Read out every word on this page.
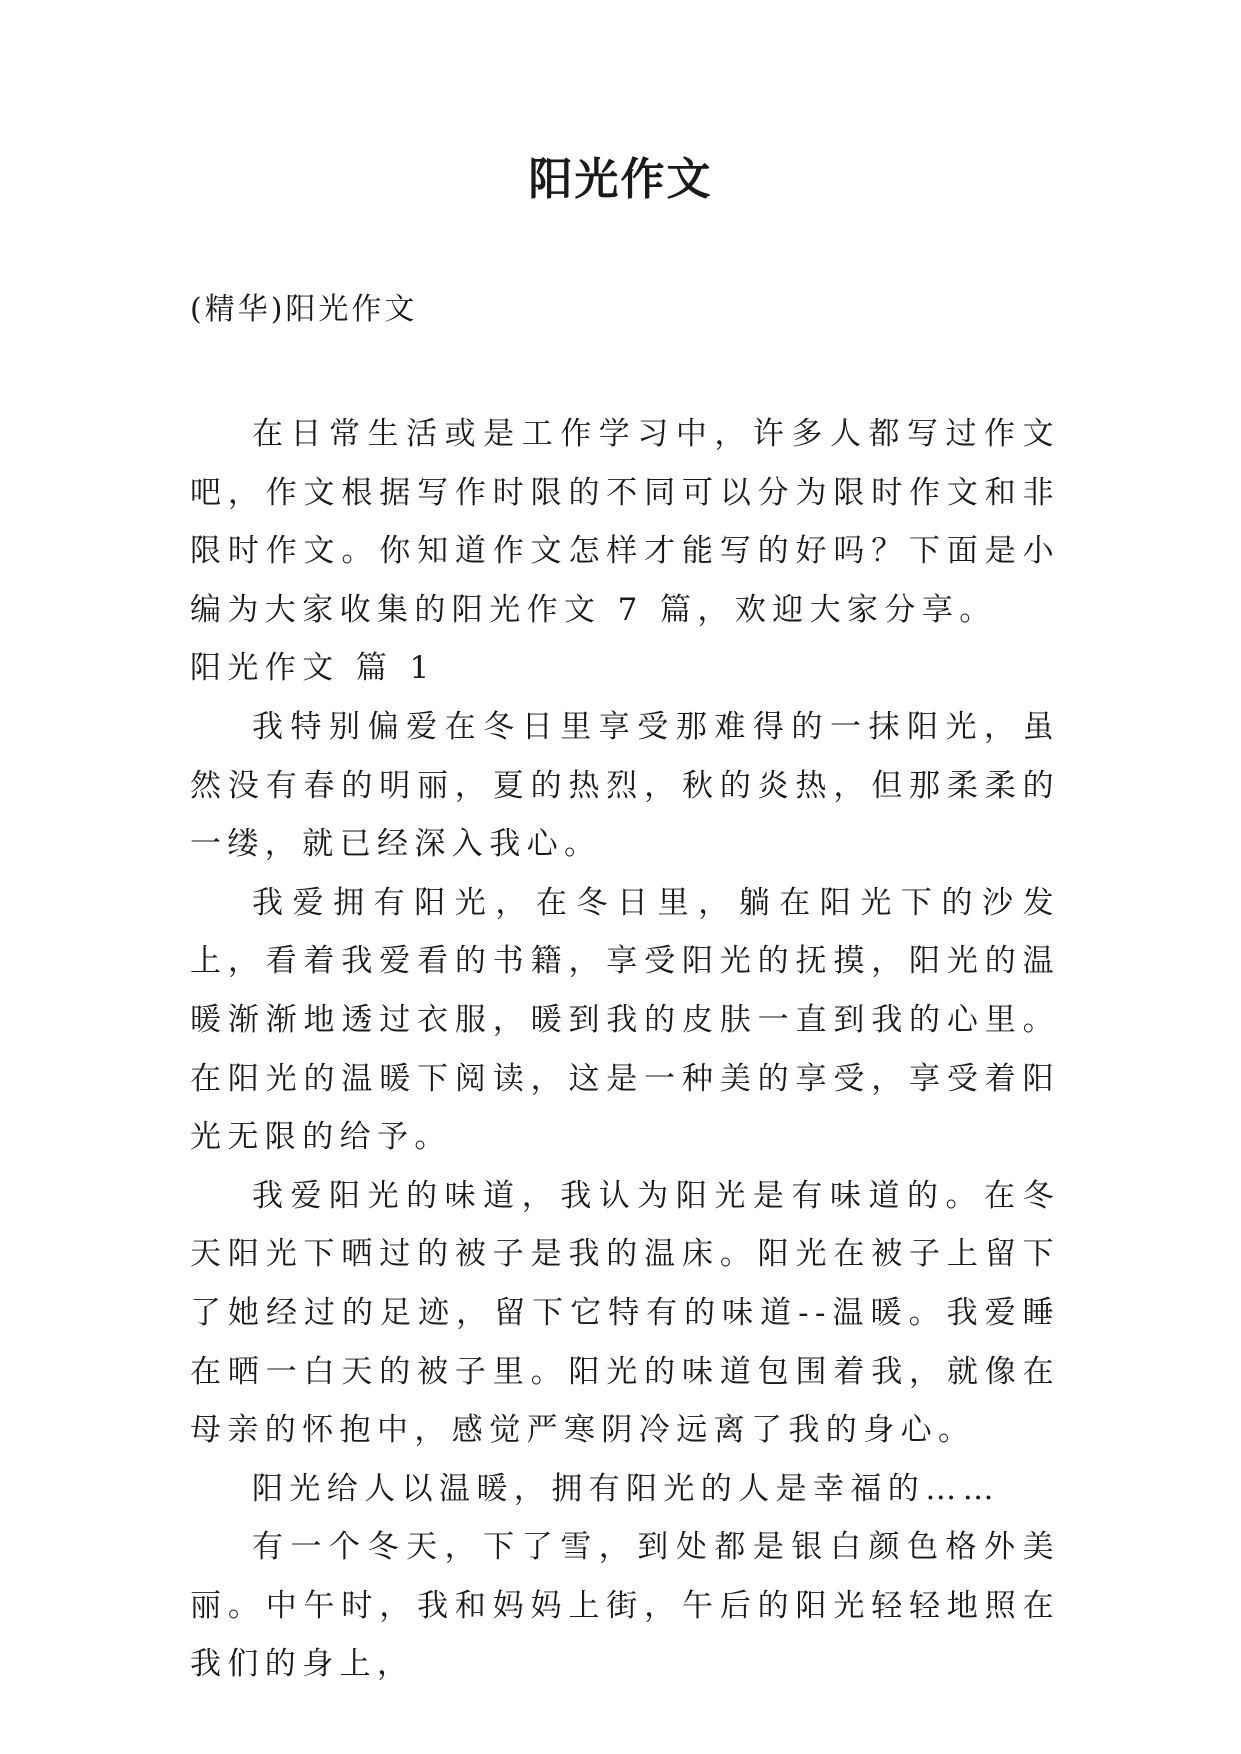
阳光作文
(精华)阳光作文

在日常生活或是工作学习中，许多人都写过作文吧，作文根据写作时限的不同可以分为限时作文和非限时作文。你知道作文怎样才能写的好吗？下面是小编为大家收集的阳光作文 7 篇，欢迎大家分享。

阳光作文 篇 1

我特别偏爱在冬日里享受那难得的一抹阳光，虽然没有春的明丽，夏的热烈，秋的炎热，但那柔柔的一缕，就已经深入我心。

我爱拥有阳光，在冬日里，躺在阳光下的沙发上，看着我爱看的书籍，享受阳光的抚摸，阳光的温暖渐渐地透过衣服，暖到我的皮肤一直到我的心里。在阳光的温暖下阅读，这是一种美的享受，享受着阳光无限的给予。

我爱阳光的味道，我认为阳光是有味道的。在冬天阳光下晒过的被子是我的温床。阳光在被子上留下了她经过的足迹，留下它特有的味道--温暖。我爱睡在晒一白天的被子里。阳光的味道包围着我，就像在母亲的怀抱中，感觉严寒阴冷远离了我的身心。

阳光给人以温暖，拥有阳光的人是幸福的……

有一个冬天，下了雪，到处都是银白颜色格外美丽。中午时，我和妈妈上街，午后的阳光轻轻地照在我们的身上，
